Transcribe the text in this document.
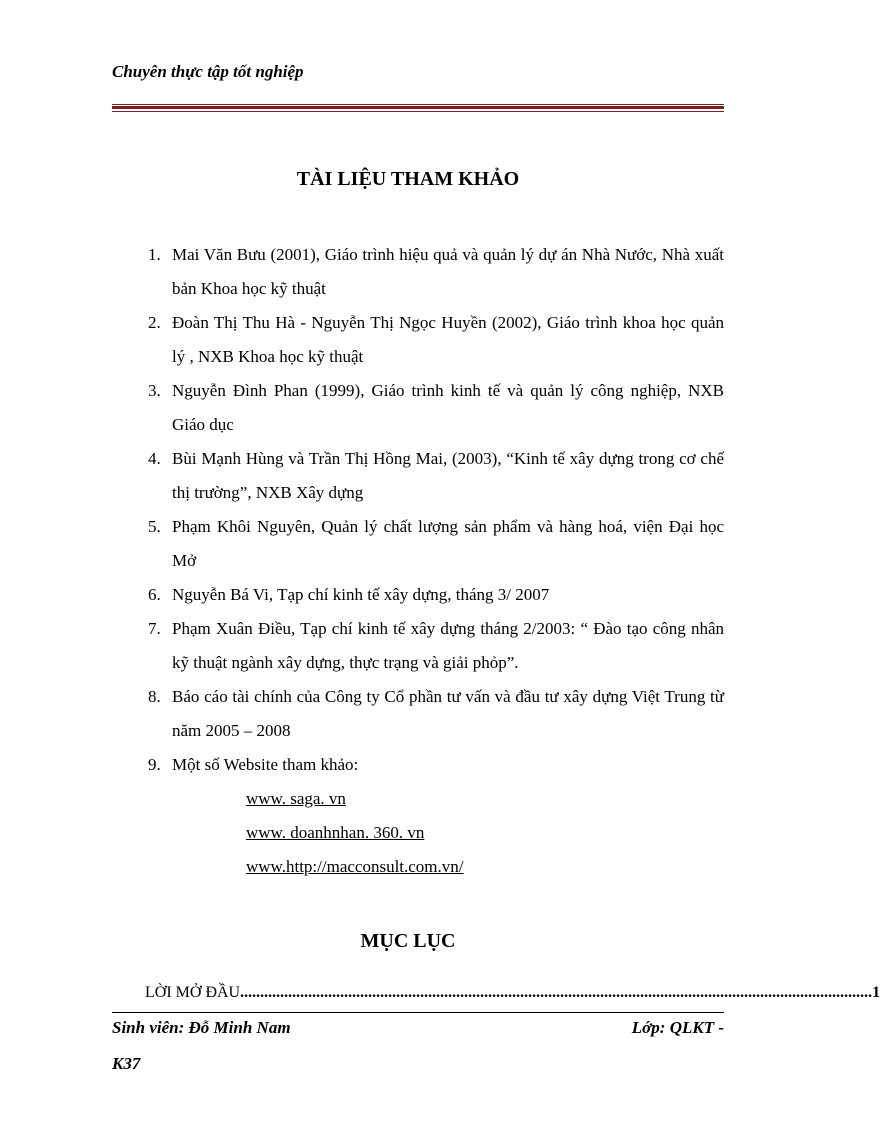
Chuyên thực tập tốt nghiệp
TÀI LIỆU THAM KHẢO
1. Mai Văn Bưu (2001), Giáo trình hiệu quả và quản lý dự án Nhà Nước, Nhà xuất bản Khoa học kỹ thuật
2. Đoàn Thị Thu Hà - Nguyễn Thị Ngọc Huyền (2002), Giáo trình khoa học quản lý , NXB Khoa học kỹ thuật
3. Nguyễn Đình Phan (1999), Giáo trình kinh tế và quản lý công nghiệp, NXB Giáo dục
4. Bùi Mạnh Hùng và Trần Thị Hồng Mai, (2003), “Kinh tế xây dựng trong cơ chế thị trường”, NXB Xây dựng
5. Phạm Khôi Nguyên, Quản lý chất lượng sản phẩm và hàng hoá, viện Đại học Mở
6. Nguyễn Bá Vi, Tạp chí kinh tế xây dựng, tháng 3/ 2007
7. Phạm Xuân Điều, Tạp chí kinh tế xây dựng tháng 2/2003: “ Đào tạo công nhân kỹ thuật ngành xây dựng, thực trạng và giải phỏp”.
8. Báo cáo tài chính của Công ty Cổ phần tư vấn và đầu tư xây dựng Việt Trung từ năm 2005 – 2008
9. Một số Website tham khảo:
www. saga. vn
www. doanhnhan. 360. vn
www.http://macconsult.com.vn/
MỤC LỤC
LỜI MỞ ĐẦU .............................................................................................................................................................. 1
Sinh viên: Đỗ Minh Nam	Lớp: QLKT -
K37
